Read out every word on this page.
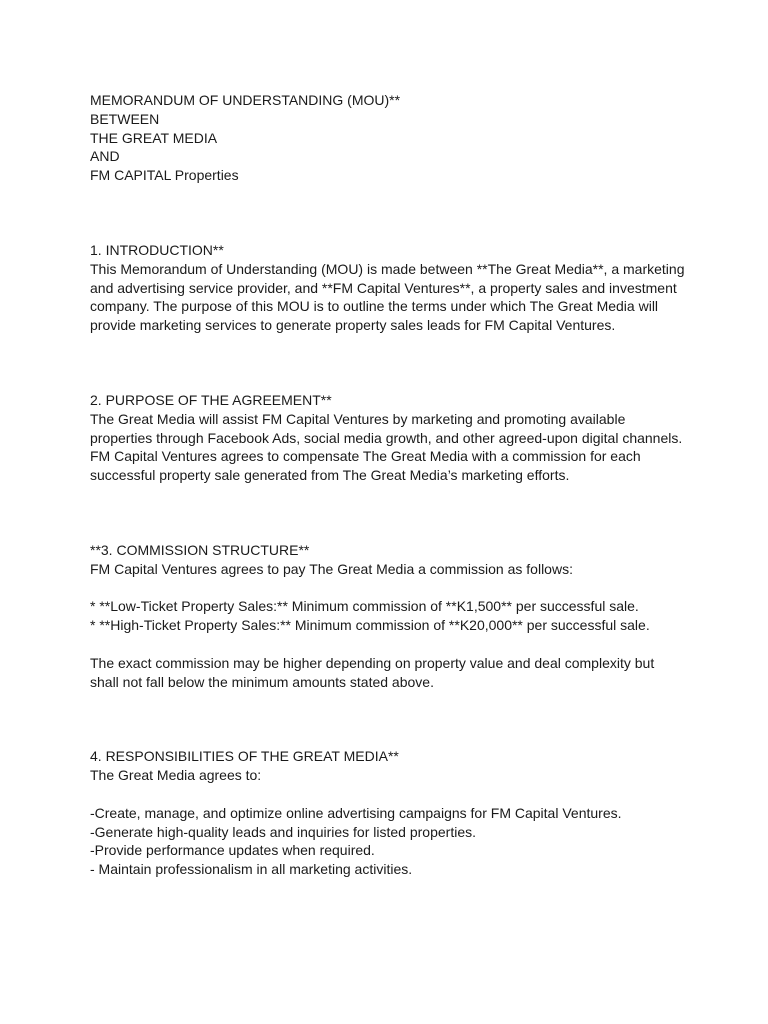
MEMORANDUM OF UNDERSTANDING (MOU)**
BETWEEN
THE GREAT MEDIA
AND
FM CAPITAL Properties
1. INTRODUCTION**
This Memorandum of Understanding (MOU) is made between **The Great Media**, a marketing
and advertising service provider, and **FM Capital Ventures**, a property sales and investment
company. The purpose of this MOU is to outline the terms under which The Great Media will
provide marketing services to generate property sales leads for FM Capital Ventures.
2. PURPOSE OF THE AGREEMENT**
The Great Media will assist FM Capital Ventures by marketing and promoting available
properties through Facebook Ads, social media growth, and other agreed-upon digital channels.
FM Capital Ventures agrees to compensate The Great Media with a commission for each
successful property sale generated from The Great Media’s marketing efforts.
**3. COMMISSION STRUCTURE**
FM Capital Ventures agrees to pay The Great Media a commission as follows:
* **Low-Ticket Property Sales:** Minimum commission of **K1,500** per successful sale.
* **High-Ticket Property Sales:** Minimum commission of **K20,000** per successful sale.
The exact commission may be higher depending on property value and deal complexity but
shall not fall below the minimum amounts stated above.
4. RESPONSIBILITIES OF THE GREAT MEDIA**
The Great Media agrees to:
-Create, manage, and optimize online advertising campaigns for FM Capital Ventures.
-Generate high-quality leads and inquiries for listed properties.
-Provide performance updates when required.
- Maintain professionalism in all marketing activities.
